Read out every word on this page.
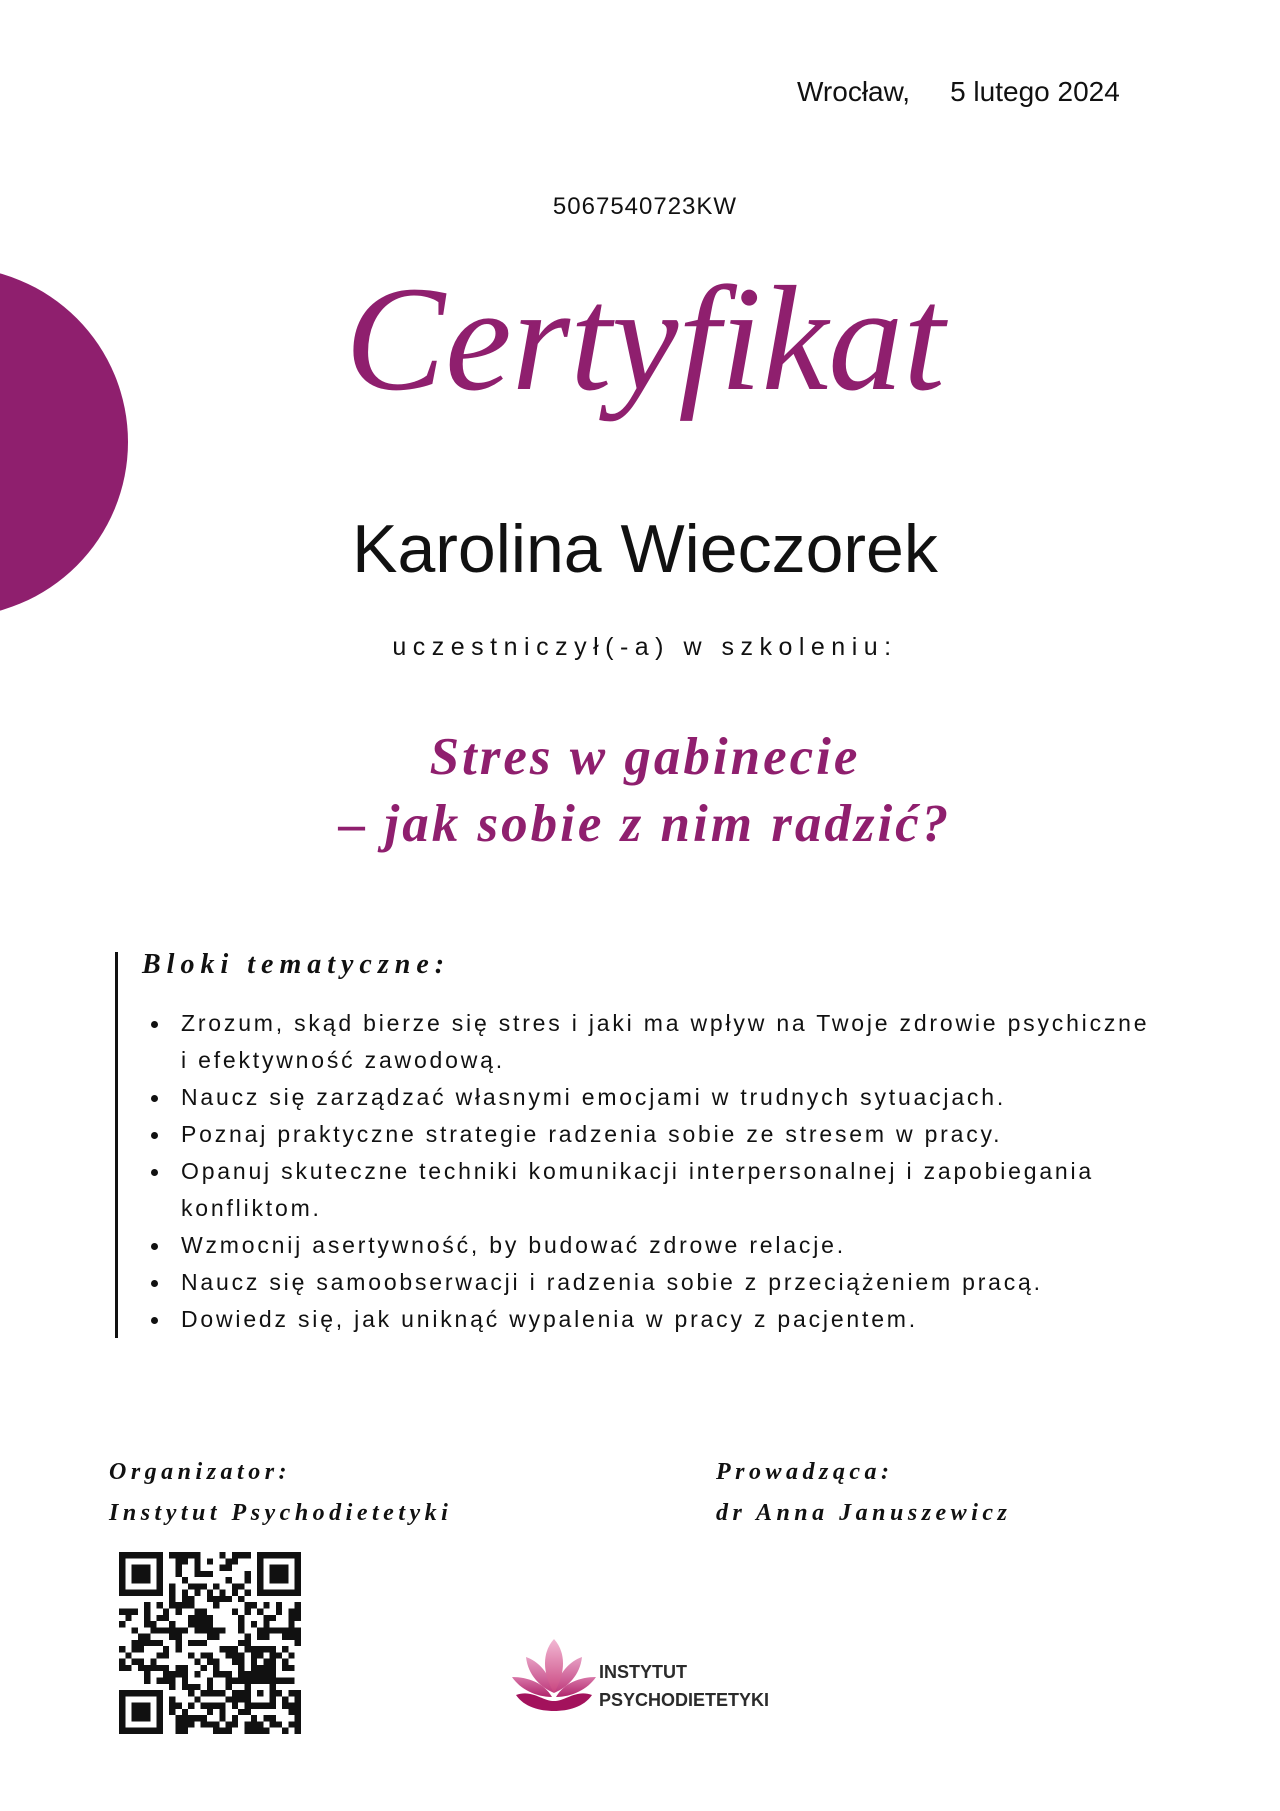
Wrocław, 5 lutego 2024
5067540723KW
Certyfikat
Karolina Wieczorek
uczestniczył(-a) w szkoleniu:
Stres w gabinecie
– jak sobie z nim radzić?
Bloki tematyczne:
Zrozum, skąd bierze się stres i jaki ma wpływ na Twoje zdrowie psychiczne i efektywność zawodową.
Naucz się zarządzać własnymi emocjami w trudnych sytuacjach.
Poznaj praktyczne strategie radzenia sobie ze stresem w pracy.
Opanuj skuteczne techniki komunikacji interpersonalnej i zapobiegania konfliktom.
Wzmocnij asertywność, by budować zdrowe relacje.
Naucz się samoobserwacji i radzenia sobie z przeciążeniem pracą.
Dowiedz się, jak uniknąć wypalenia w pracy z pacjentem.
Organizator:
Instytut Psychodietetyki
Prowadząca:
dr Anna Januszewicz
INSTYTUT
PSYCHODIETETYKI
